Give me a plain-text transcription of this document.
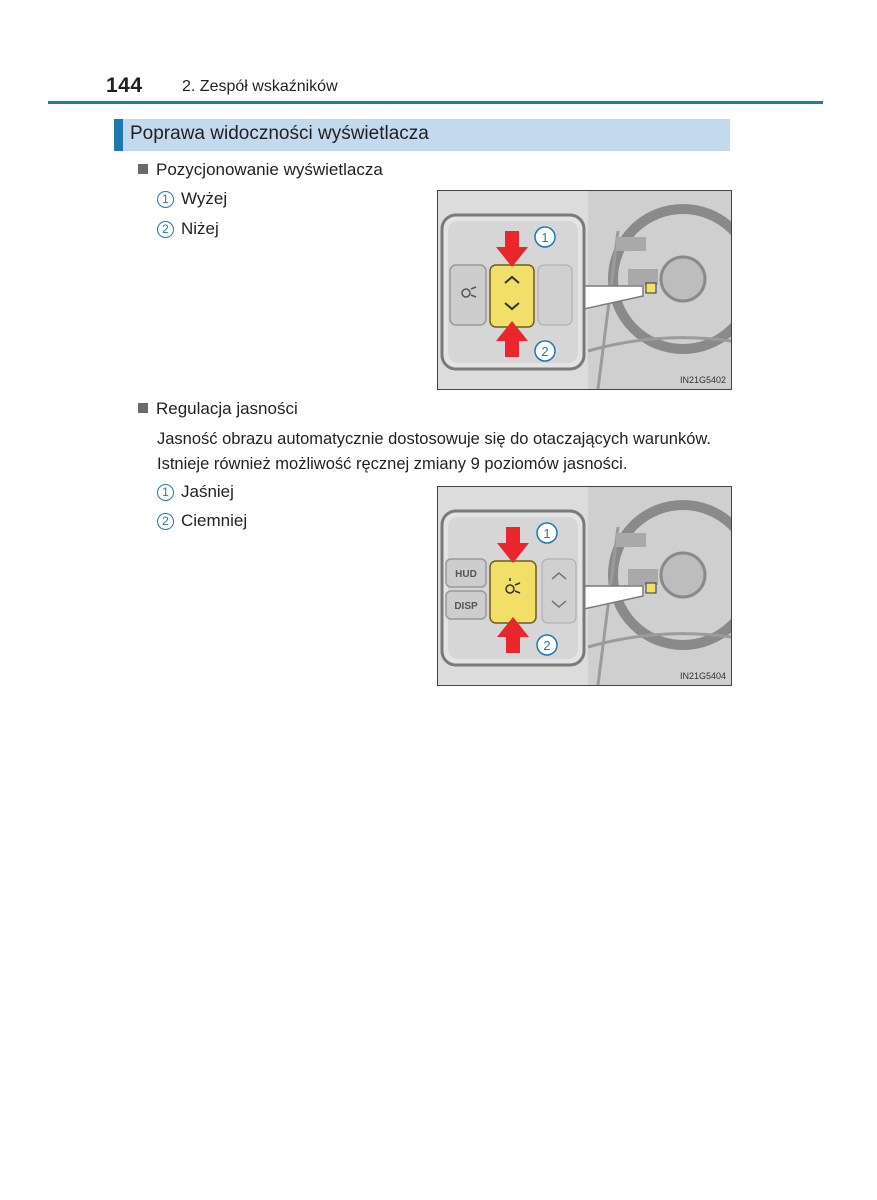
144 2. Zespół wskaźników
Poprawa widoczności wyświetlacza
Pozycjonowanie wyświetlacza
1 Wyżej
2 Niżej	1
2
IN21G5402
Regulacja jasności
Jasność obrazu automatycznie dostosowuje się do otaczających warunków.
Istnieje również możliwość ręcznej zmiany 9 poziomów jasności.
1 Jaśniej
2 Ciemniej
HUD
DISP
1
2
IN21G5404
